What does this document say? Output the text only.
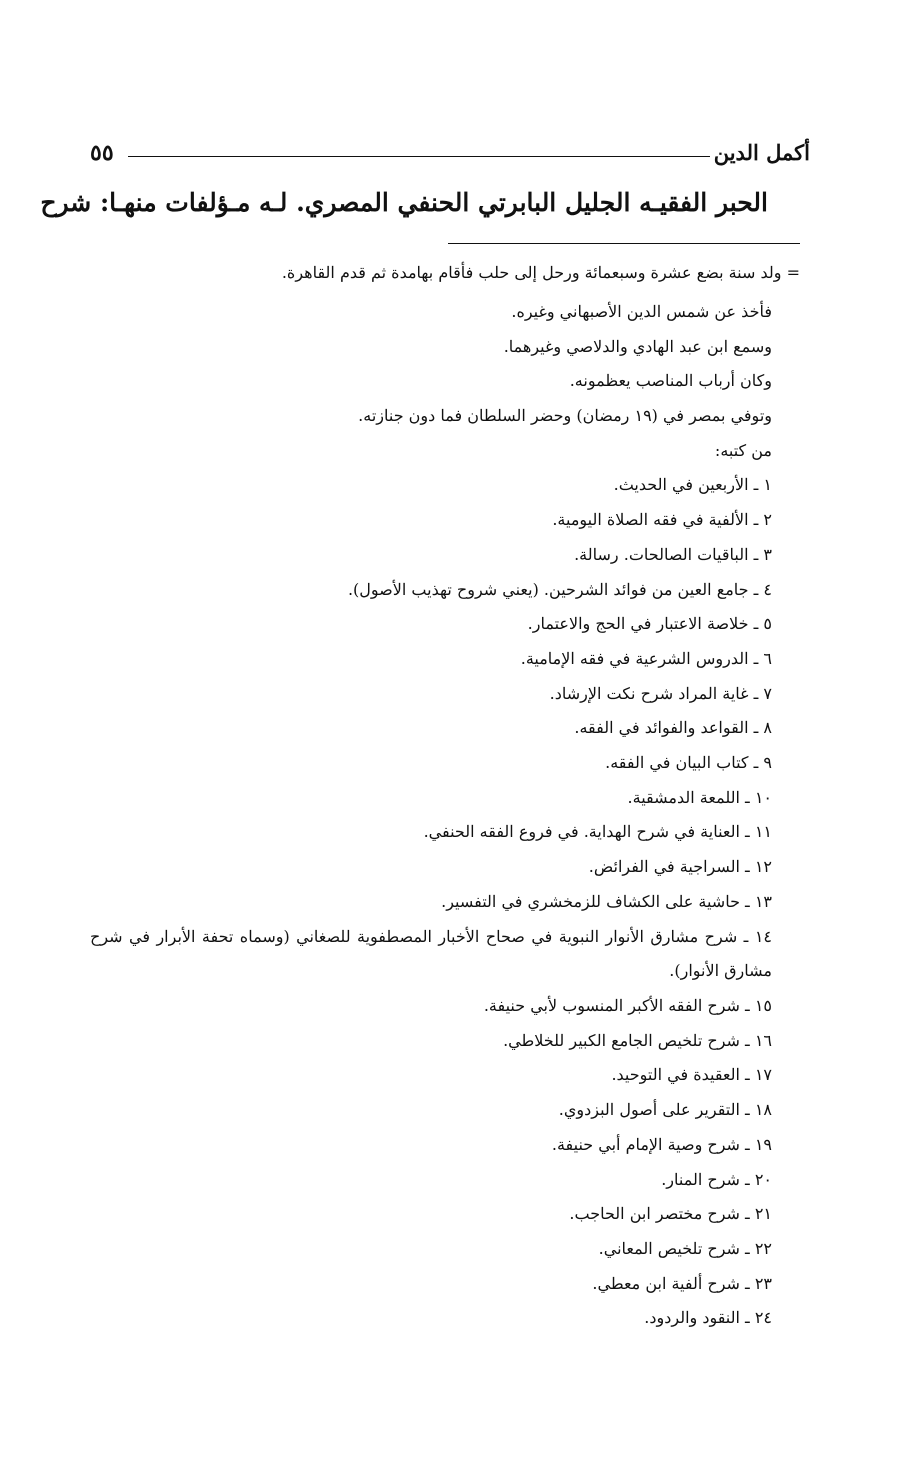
أكمل الدين
٥٥
الحبر الفقيـه الجليل البابرتي الحنفي المصري. لـه مـؤلفات منهـا: شرح
= ولد سنة بضع عشرة وسبعمائة ورحل إلى حلب فأقام بهامدة ثم قدم القاهرة.
فأخذ عن شمس الدين الأصبهاني وغيره.
وسمع ابن عبد الهادي والدلاصي وغيرهما.
وكان أرباب المناصب يعظمونه.
وتوفي بمصر في (١٩ رمضان) وحضر السلطان فما دون جنازته.
من كتبه:
١ ـ الأربعين في الحديث.
٢ ـ الألفية في فقه الصلاة اليومية.
٣ ـ الباقيات الصالحات. رسالة.
٤ ـ جامع العين من فوائد الشرحين. (يعني شروح تهذيب الأصول).
٥ ـ خلاصة الاعتبار في الحج والاعتمار.
٦ ـ الدروس الشرعية في فقه الإمامية.
٧ ـ غاية المراد شرح نكت الإرشاد.
٨ ـ القواعد والفوائد في الفقه.
٩ ـ كتاب البيان في الفقه.
١٠ ـ اللمعة الدمشقية.
١١ ـ العناية في شرح الهداية. في فروع الفقه الحنفي.
١٢ ـ السراجية في الفرائض.
١٣ ـ حاشية على الكشاف للزمخشري في التفسير.
١٤ ـ شرح مشارق الأنوار النبوية في صحاح الأخبار المصطفوية للصغاني (وسماه تحفة الأبرار في شرح مشارق الأنوار).
١٥ ـ شرح الفقه الأكبر المنسوب لأبي حنيفة.
١٦ ـ شرح تلخيص الجامع الكبير للخلاطي.
١٧ ـ العقيدة في التوحيد.
١٨ ـ التقرير على أصول البزدوي.
١٩ ـ شرح وصية الإمام أبي حنيفة.
٢٠ ـ شرح المنار.
٢١ ـ شرح مختصر ابن الحاجب.
٢٢ ـ شرح تلخيص المعاني.
٢٣ ـ شرح ألفية ابن معطي.
٢٤ ـ النقود والردود.
